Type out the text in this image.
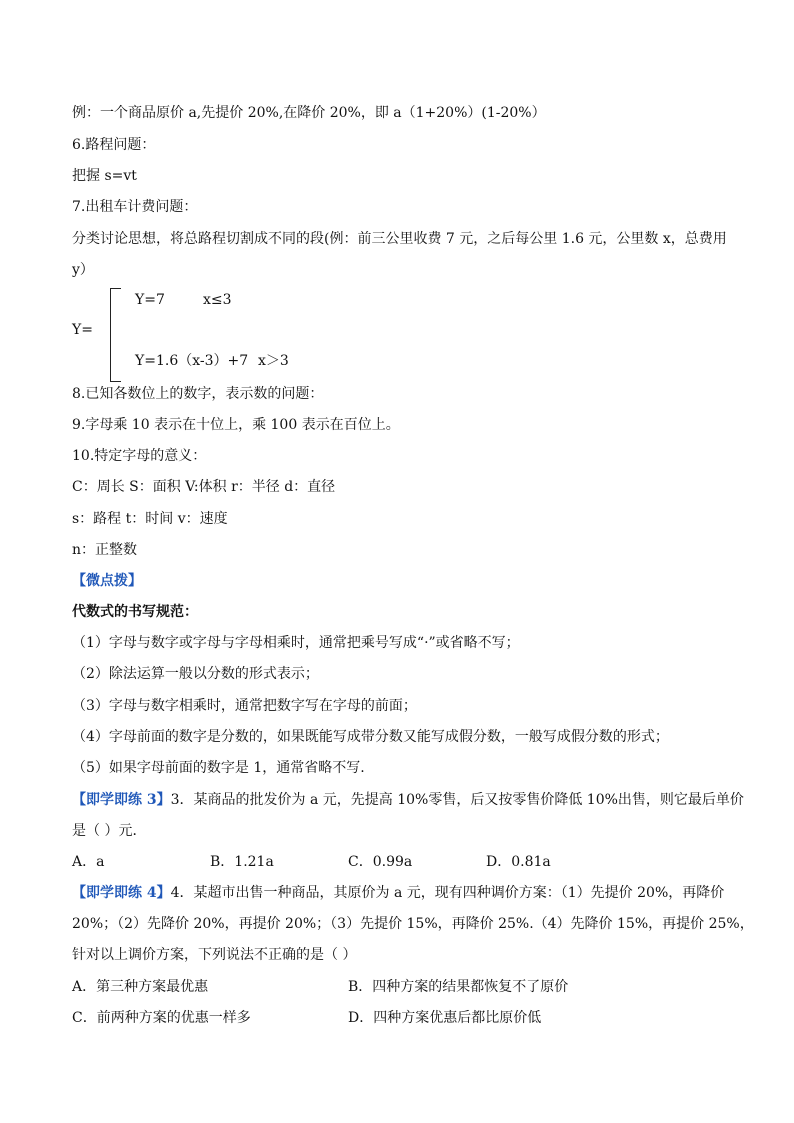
例：一个商品原价 a,先提价 20%,在降价 20%，即 a（1+20%）(1-20%）
6.路程问题：
把握 s=vt
7.出租车计费问题：
分类讨论思想，将总路程切割成不同的段(例：前三公里收费 7 元，之后每公里 1.6 元，公里数 x，总费用
y）
Y=
Y=7	x≤3
Y=1.6（x-3）+7 x＞3
8.已知各数位上的数字，表示数的问题：
9.字母乘 10 表示在十位上，乘 100 表示在百位上。
10.特定字母的意义：
C：周长 S：面积 V:体积 r：半径 d：直径
s：路程 t：时间 v：速度
n：正整数
【微点拨】
代数式的书写规范：
（1）字母与数字或字母与字母相乘时，通常把乘号写成“·”或省略不写；
（2）除法运算一般以分数的形式表示；
（3）字母与数字相乘时，通常把数字写在字母的前面；
（4）字母前面的数字是分数的，如果既能写成带分数又能写成假分数，一般写成假分数的形式；
（5）如果字母前面的数字是 1，通常省略不写.
【即学即练 3】3．某商品的批发价为 a 元，先提高 10%零售，后又按零售价降低 10%出售，则它最后单价
是（ ）元．
A．a	B．1.21a	C．0.99a	D．0.81a
【即学即练 4】4．某超市出售一种商品，其原价为 a 元，现有四种调价方案：（1）先提价 20%，再降价
20%；（2）先降价 20%，再提价 20%；（3）先提价 15%，再降价 25%.（4）先降价 15%，再提价 25%，
针对以上调价方案，下列说法不正确的是（ ）
A．第三种方案最优惠	B．四种方案的结果都恢复不了原价
C．前两种方案的优惠一样多	D．四种方案优惠后都比原价低
